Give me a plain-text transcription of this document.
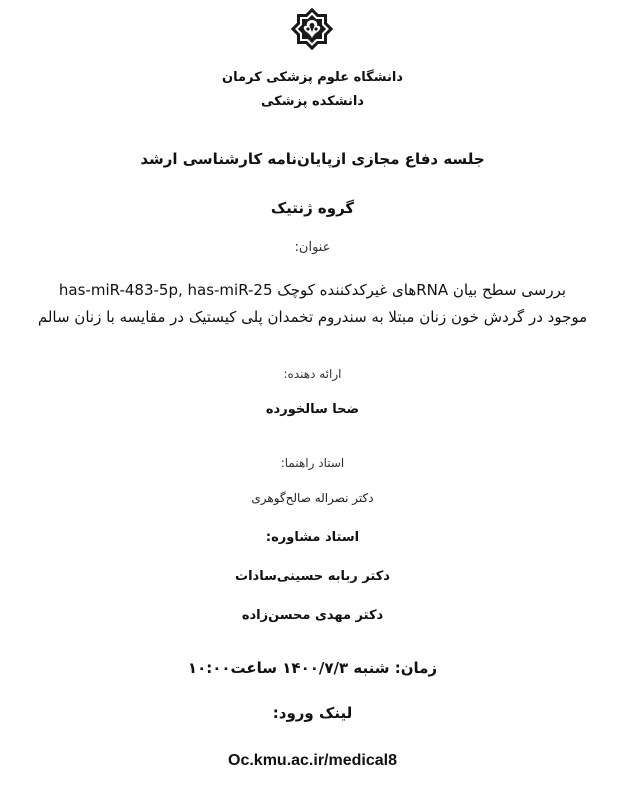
دانشگاه علوم پزشکی کرمان
دانشکده پزشکی
جلسه دفاع مجازی ازپایان‌نامه کارشناسی ارشد
گروه ژنتیک
عنوان:
بررسی سطح بیان RNAهای غیرکدکننده کوچک has-miR-483-5p, has-miR-25
موجود در گردش خون زنان مبتلا به سندروم تخمدان پلی کیستیک در مقایسه با زنان سالم
ارائه دهنده:
ضحا سالخورده
استاد راهنما:
دکتر نصراله صالح‌گوهری
استاد مشاوره:
دکتر ربابه حسینی‌سادات
دکتر مهدی محسن‌زاده
زمان: شنبه ۱۴۰۰/۷/۳ ساعت۱۰:۰۰
لینک ورود:
Oc.kmu.ac.ir/medical8
